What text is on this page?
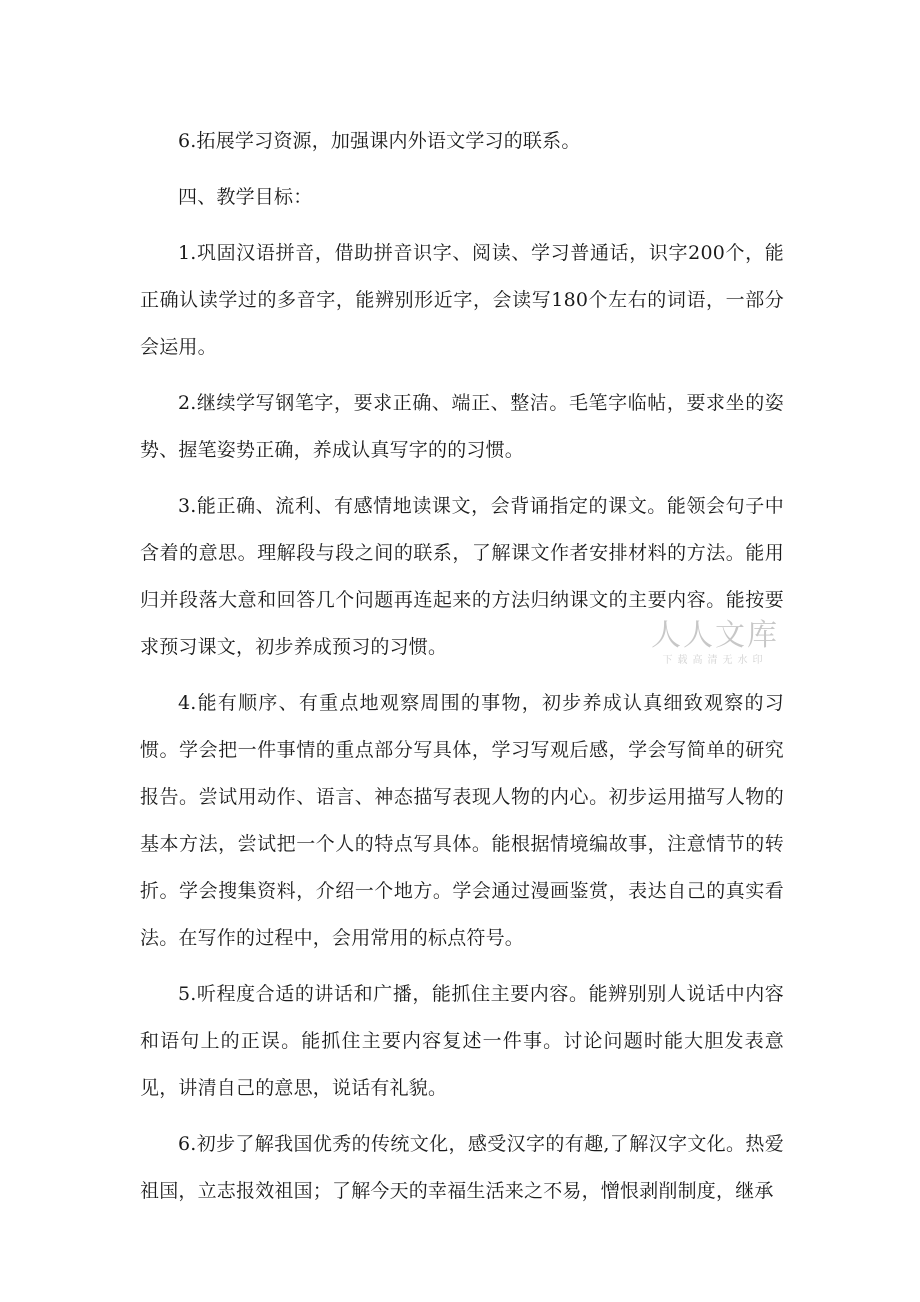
6.拓展学习资源，加强课内外语文学习的联系。

四、教学目标：

1.巩固汉语拼音，借助拼音识字、阅读、学习普通话，识字200个，能正确认读学过的多音字，能辨别形近字，会读写180个左右的词语，一部分会运用。

2.继续学写钢笔字，要求正确、端正、整洁。毛笔字临帖，要求坐的姿势、握笔姿势正确，养成认真写字的的习惯。

3.能正确、流利、有感情地读课文，会背诵指定的课文。能领会句子中含着的意思。理解段与段之间的联系，了解课文作者安排材料的方法。能用归并段落大意和回答几个问题再连起来的方法归纳课文的主要内容。能按要求预习课文，初步养成预习的习惯。

4.能有顺序、有重点地观察周围的事物，初步养成认真细致观察的习惯。学会把一件事情的重点部分写具体，学习写观后感，学会写简单的研究报告。尝试用动作、语言、神态描写表现人物的内心。初步运用描写人物的基本方法，尝试把一个人的特点写具体。能根据情境编故事，注意情节的转折。学会搜集资料，介绍一个地方。学会通过漫画鉴赏，表达自己的真实看法。在写作的过程中，会用常用的标点符号。

5.听程度合适的讲话和广播，能抓住主要内容。能辨别别人说话中内容和语句上的正误。能抓住主要内容复述一件事。讨论问题时能大胆发表意见，讲清自己的意思，说话有礼貌。

6.初步了解我国优秀的传统文化，感受汉字的有趣,了解汉字文化。热爱祖国，立志报效祖国；了解今天的幸福生活来之不易，憎恨剥削制度，继承

人人文库
下载高清无水印
